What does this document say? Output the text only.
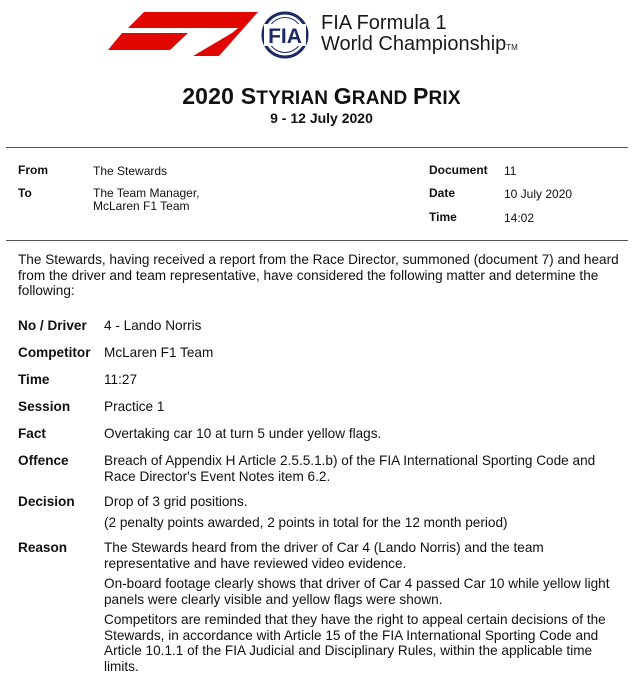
FIA
FIA Formula 1
World ChampionshipTM
2020 STYRIAN GRAND PRIX
9 - 12 July 2020
From	The Stewards
To	The Team Manager,
McLaren F1 Team
Document 11
Date	10 July 2020
Time	14:02
The Stewards, having received a report from the Race Director, summoned (document 7) and heard from the driver and team representative, have considered the following matter and determine the following:
No / Driver 4 - Lando Norris
Competitor McLaren F1 Team
Time	11:27
Session Practice 1
Fact	Overtaking car 10 at turn 5 under yellow flags.
Offence	Breach of Appendix H Article 2.5.5.1.b) of the FIA International Sporting Code and Race Director's Event Notes item 6.2.
Decision Drop of 3 grid positions.

(2 penalty points awarded, 2 points in total for the 12 month period)

Reason	The Stewards heard from the driver of Car 4 (Lando Norris) and the team representative and have reviewed video evidence.

On-board footage clearly shows that driver of Car 4 passed Car 10 while yellow light panels were clearly visible and yellow flags were shown.

Competitors are reminded that they have the right to appeal certain decisions of the Stewards, in accordance with Article 15 of the FIA International Sporting Code and Article 10.1.1 of the FIA Judicial and Disciplinary Rules, within the applicable time limits.
